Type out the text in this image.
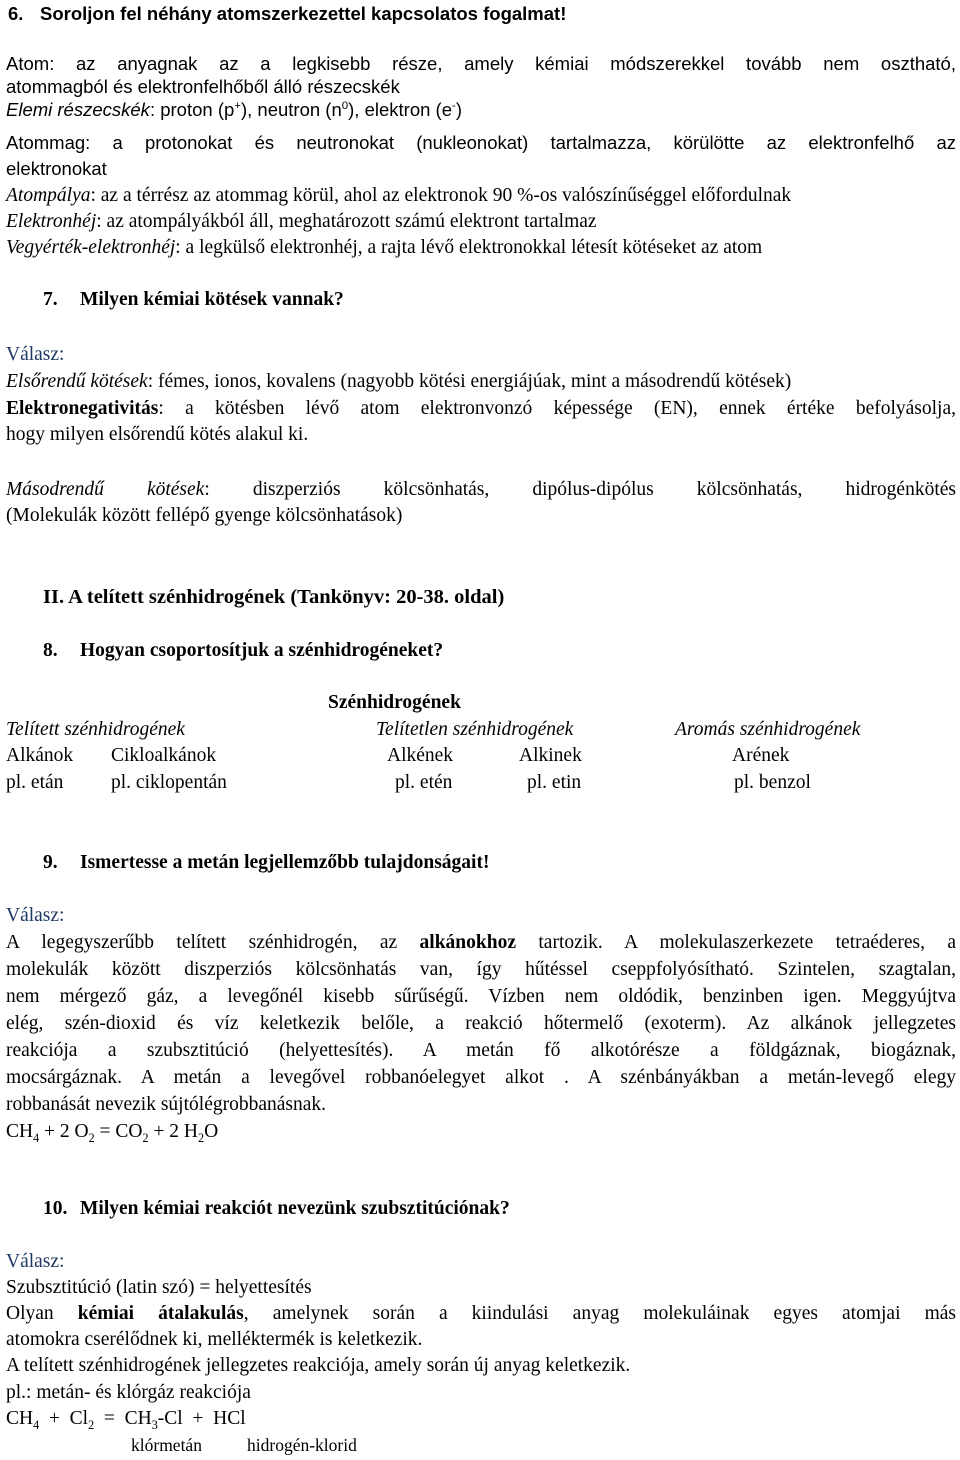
6. Soroljon fel néhány atomszerkezettel kapcsolatos fogalmat!
Atom: az anyagnak az a legkisebb része, amely kémiai módszerekkel tovább nem osztható,
atommagból és elektronfelhőből álló részecskék
Elemi részecskék: proton (p+), neutron $(n^0)$, elektron (e-)
Atommag: a protonokat és neutronokat (nukleonokat) tartalmazza, körülötte az elektronfelhő az
elektronokat
Atompálya: az a térrész az atommag körül, ahol az elektronok 90 %-os valószínűséggel előfordulnak
Elektronhéj: az atompályákból áll, meghatározott számú elektront tartalmaz
Vegyérték-elektronhéj: a legkülső elektronhéj, a rajta lévő elektronokkal létesít kötéseket az atom
7. Milyen kémiai kötések vannak?
Válasz:
Elsőrendű kötések: fémes, ionos, kovalens (nagyobb kötési energiájúak, mint a másodrendű kötések)
Elektronegativitás: a kötésben lévő atom elektronvonzó képessége (EN), ennek értéke befolyásolja,
hogy milyen elsőrendű kötés alakul ki.
Másodrendű kötések: diszperziós kölcsönhatás, dipólus-dipólus kölcsönhatás, hidrogénkötés
(Molekulák között fellépő gyenge kölcsönhatások)
II. A telített szénhidrogének (Tankönyv: 20-38. oldal)
8. Hogyan csoportosítjuk a szénhidrogéneket?
Szénhidrogének
Telített szénhidrogének	Telítetlen szénhidrogének	Aromás szénhidrogének
Alkánok Cikloalkánok	Alkének	Alkinek	Arének
pl. etán pl. ciklopentán	pl. etén	pl. etin	pl. benzol
9. Ismertesse a metán legjellemzőbb tulajdonságait!
Válasz:
A legegyszerűbb telített szénhidrogén, az alkánokhoz tartozik. A molekulaszerkezete tetraéderes, a
molekulák között diszperziós kölcsönhatás van, így hűtéssel cseppfolyósítható. Szintelen, szagtalan,
nem mérgező gáz, a levegőnél kisebb sűrűségű. Vízben nem oldódik, benzinben igen. Meggyújtva
elég, szén-dioxid és víz keletkezik belőle, a reakció hőtermelő (exoterm). Az alkánok jellegzetes
reakciója a szubsztitúció (helyettesítés). A metán fő alkotórésze a földgáznak, biogáznak,
mocsárgáznak. A metán a levegővel robbanóelegyet alkot . A szénbányákban a metán-levegő elegy
robbanását nevezik sújtólégrobbanásnak.
$CH_4 + 2$ $O_2 = CO_2 + 2$ $H_2O$
10. Milyen kémiai reakciót nevezünk szubsztitúciónak?
Válasz:
Szubsztitúció (latin szó) = helyettesítés
Olyan kémiai átalakulás, amelynek során a kiindulási anyag molekuláinak egyes atomjai más
atomokra cserélődnek ki, melléktermék is keletkezik.
A telített szénhidrogének jellegzetes reakciója, amely során új anyag keletkezik.
pl.: metán- és klórgáz reakciója
$CH_4 + Cl_2 = CH_3-Cl$  +  HCl
klórmetán	hidrogén-klorid
